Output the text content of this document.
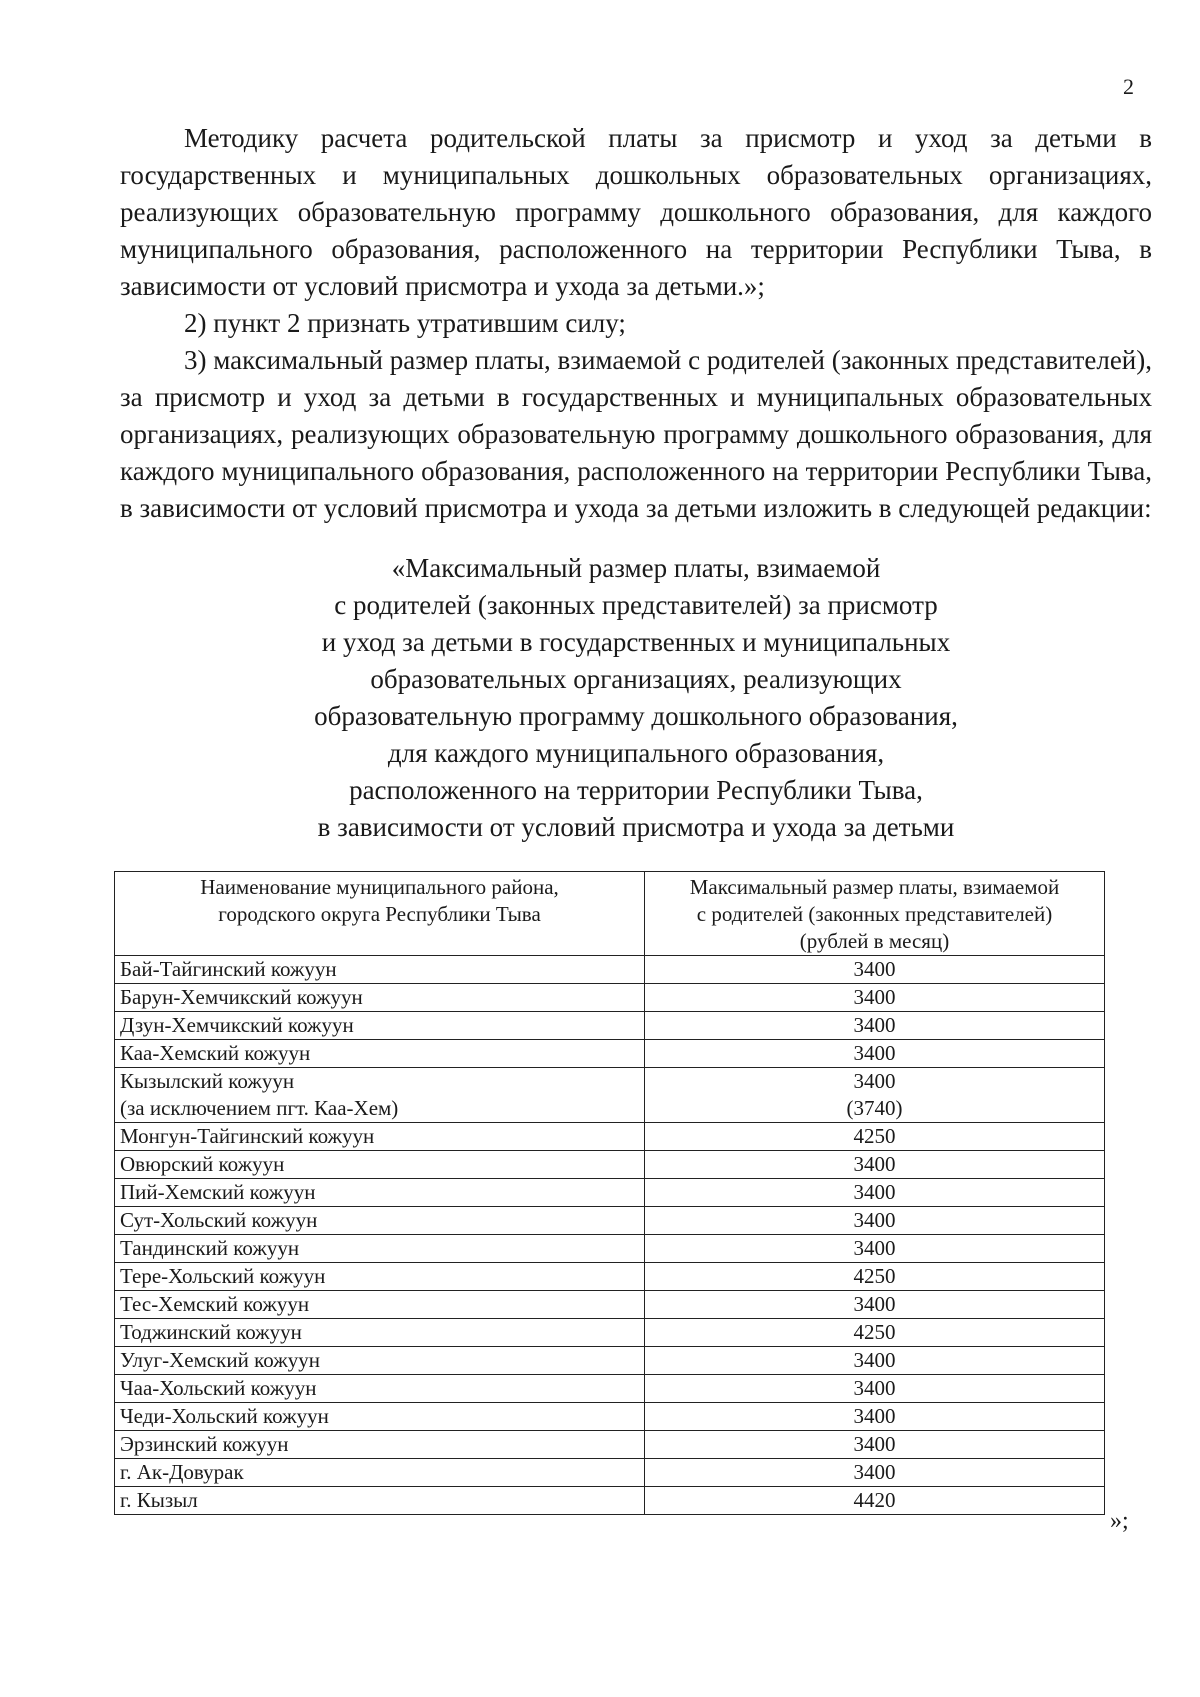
2

Методику расчета родительской платы за присмотр и уход за детьми в государственных и муниципальных дошкольных образовательных организациях, реализующих образовательную программу дошкольного образования, для каждого муниципального образования, расположенного на территории Республики Тыва, в зависимости от условий присмотра и ухода за детьми.»;

2) пункт 2 признать утратившим силу;

3) максимальный размер платы, взимаемой с родителей (законных представителей), за присмотр и уход за детьми в государственных и муниципальных образовательных организациях, реализующих образовательную программу дошкольного образования, для каждого муниципального образования, расположенного на территории Республики Тыва, в зависимости от условий присмотра и ухода за детьми изложить в следующей редакции:

«Максимальный размер платы, взимаемой
с родителей (законных представителей) за присмотр
и уход за детьми в государственных и муниципальных
образовательных организациях, реализующих
образовательную программу дошкольного образования,
для каждого муниципального образования,
расположенного на территории Республики Тыва,
в зависимости от условий присмотра и ухода за детьми
Наименование муниципального района,
городского округа Республики Тыва	Максимальный размер платы, взимаемой
с родителей (законных представителей)
(рублей в месяц)

Бай-Тайгинский кожуун	3400

Барун-Хемчикский кожуун	3400

Дзун-Хемчикский кожуун	3400

Каа-Хемский кожуун	3400

Кызылский кожуун
(за исключением пгт. Каа-Хем)	3400
(3740)

Монгун-Тайгинский кожуун	4250

Овюрский кожуун	3400

Пий-Хемский кожуун	3400

Сут-Хольский кожуун	3400

Тандинский кожуун	3400

Тере-Хольский кожуун	4250

Тес-Хемский кожуун	3400

Тоджинский кожуун	4250

Улуг-Хемский кожуун	3400

Чаа-Хольский кожуун	3400

Чеди-Хольский кожуун	3400

Эрзинский кожуун	3400

г. Ак-Довурак	3400

г. Кызыл	4420
»;
